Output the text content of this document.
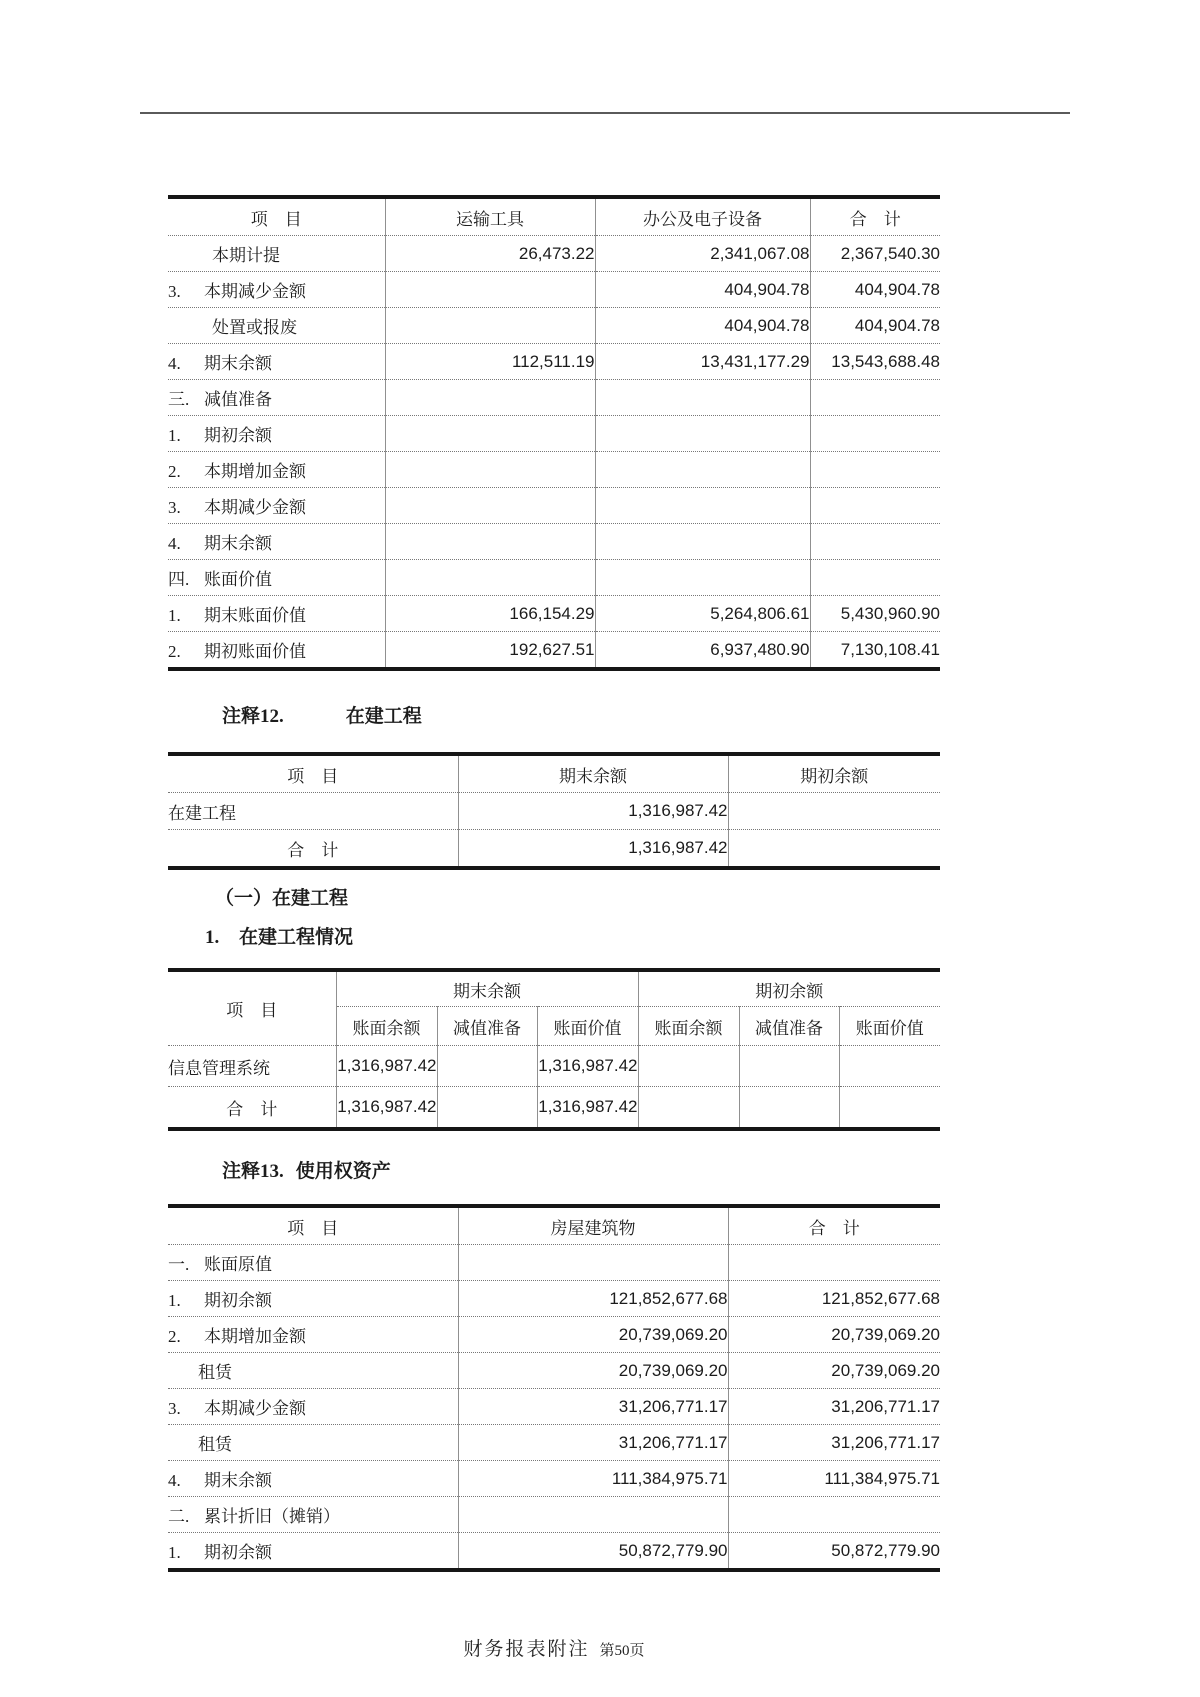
项　目	运输工具	办公及电子设备	合　计
本期计提	26,473.22	2,341,067.08	2,367,540.30
3. 本期减少金额		404,904.78	404,904.78
处置或报废		404,904.78	404,904.78
4. 期末余额	112,511.19	13,431,177.29	13,543,688.48
三. 减值准备			
1. 期初余额			
2. 本期增加金额			
3. 本期减少金额			
4. 期末余额			
四. 账面价值			
1. 期末账面价值	166,154.29	5,264,806.61	5,430,960.90
2. 期初账面价值	192,627.51	6,937,480.90	7,130,108.41
注释12.	在建工程
项　目	期末余额	期初余额
在建工程	1,316,987.42	
合　计	1,316,987.42	
（一）在建工程
1. 在建工程情况
项　目	期末余额			期初余额		
	账面余额	减值准备	账面价值	账面余额	减值准备	账面价值
信息管理系统	1,316,987.42		1,316,987.42			
合　计	1,316,987.42		1,316,987.42			
注释13. 使用权资产
项　目	房屋建筑物	合　计
一. 账面原值		
1. 期初余额	121,852,677.68	121,852,677.68
2. 本期增加金额	20,739,069.20	20,739,069.20
租赁	20,739,069.20	20,739,069.20
3. 本期减少金额	31,206,771.17	31,206,771.17
租赁	31,206,771.17	31,206,771.17
4. 期末余额	111,384,975.71	111,384,975.71
二. 累计折旧（摊销）		
1. 期初余额	50,872,779.90	50,872,779.90
财务报表附注 第50页
